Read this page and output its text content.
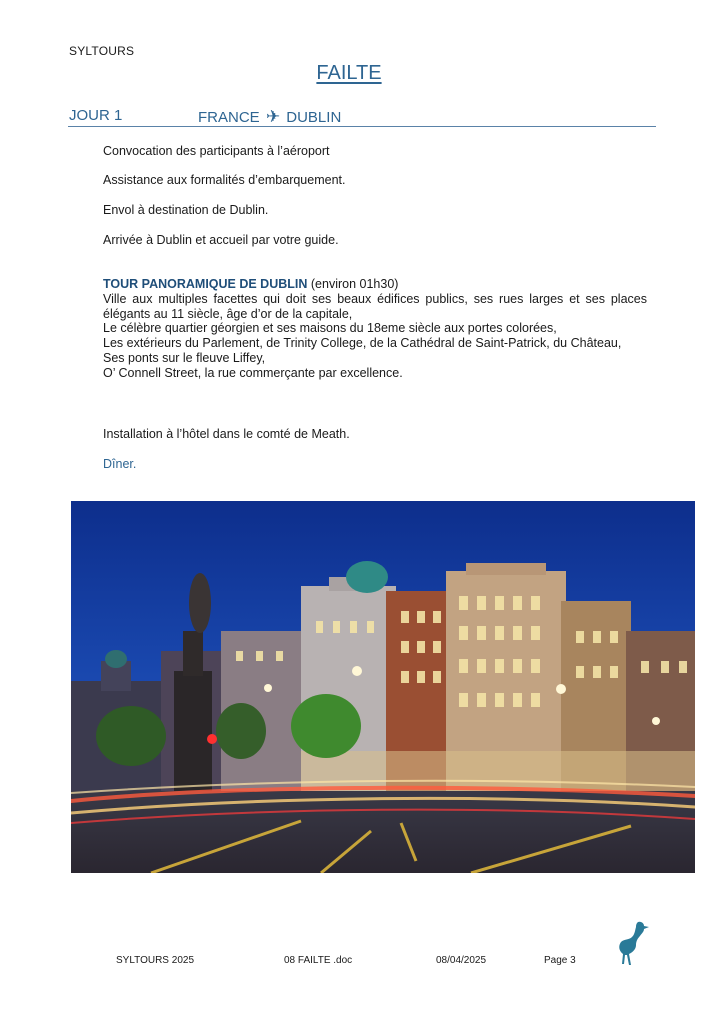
SYLTOURS
FAILTE
JOUR 1	FRANCE ✈ DUBLIN
Convocation des participants à l’aéroport
Assistance aux formalités d’embarquement.
Envol à destination de Dublin.
Arrivée à Dublin et accueil par votre guide.
TOUR PANORAMIQUE DE DUBLIN (environ 01h30)
Ville aux multiples facettes qui doit ses beaux édifices publics, ses rues larges et ses places élégants au 11 siècle, âge d’or de la capitale,
Le célèbre quartier géorgien et ses maisons du 18eme siècle aux portes colorées,
Les extérieurs du Parlement, de Trinity College, de la Cathédral de Saint-Patrick, du Château,
Ses ponts sur le fleuve Liffey,
O’ Connell Street, la rue commerçante par excellence.
Installation à l’hôtel dans le comté de Meath.
Dîner.
SYLTOURS 2025	08 FAILTE .doc	08/04/2025	Page 3
